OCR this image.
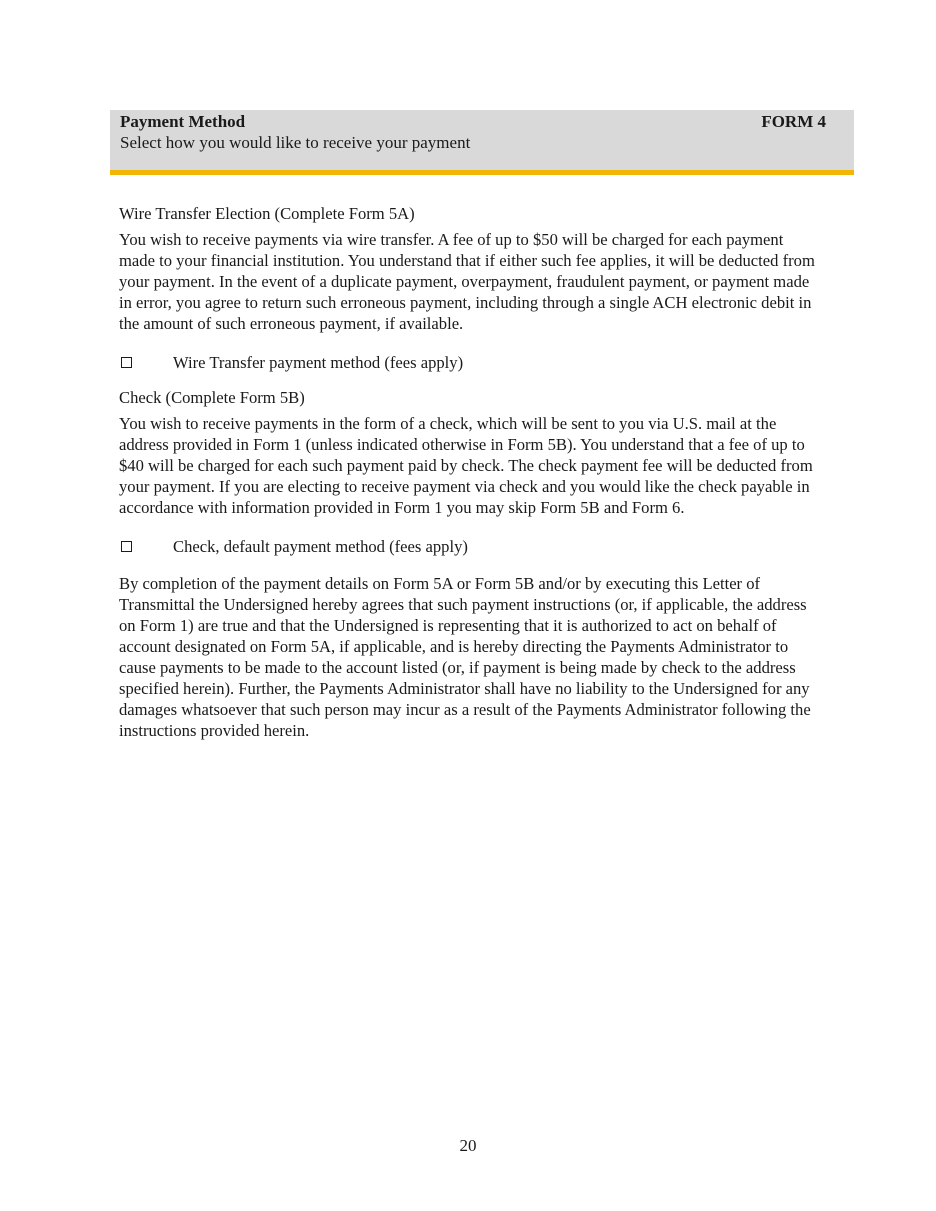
Payment Method	FORM 4
Select how you would like to receive your payment

Wire Transfer Election (Complete Form 5A)

You wish to receive payments via wire transfer. A fee of up to $50 will be charged for each payment made to your financial institution. You understand that if either such fee applies, it will be deducted from your payment. In the event of a duplicate payment, overpayment, fraudulent payment, or payment made in error, you agree to return such erroneous payment, including through a single ACH electronic debit in the amount of such erroneous payment, if available.

Wire Transfer payment method (fees apply)

Check (Complete Form 5B)

You wish to receive payments in the form of a check, which will be sent to you via U.S. mail at the address provided in Form 1 (unless indicated otherwise in Form 5B). You understand that a fee of up to $40 will be charged for each such payment paid by check. The check payment fee will be deducted from your payment. If you are electing to receive payment via check and you would like the check payable in accordance with information provided in Form 1 you may skip Form 5B and Form 6.

Check, default payment method (fees apply)

By completion of the payment details on Form 5A or Form 5B and/or by executing this Letter of Transmittal the Undersigned hereby agrees that such payment instructions (or, if applicable, the address on Form 1) are true and that the Undersigned is representing that it is authorized to act on behalf of account designated on Form 5A, if applicable, and is hereby directing the Payments Administrator to cause payments to be made to the account listed (or, if payment is being made by check to the address specified herein). Further, the Payments Administrator shall have no liability to the Undersigned for any damages whatsoever that such person may incur as a result of the Payments Administrator following the instructions provided herein.

20
